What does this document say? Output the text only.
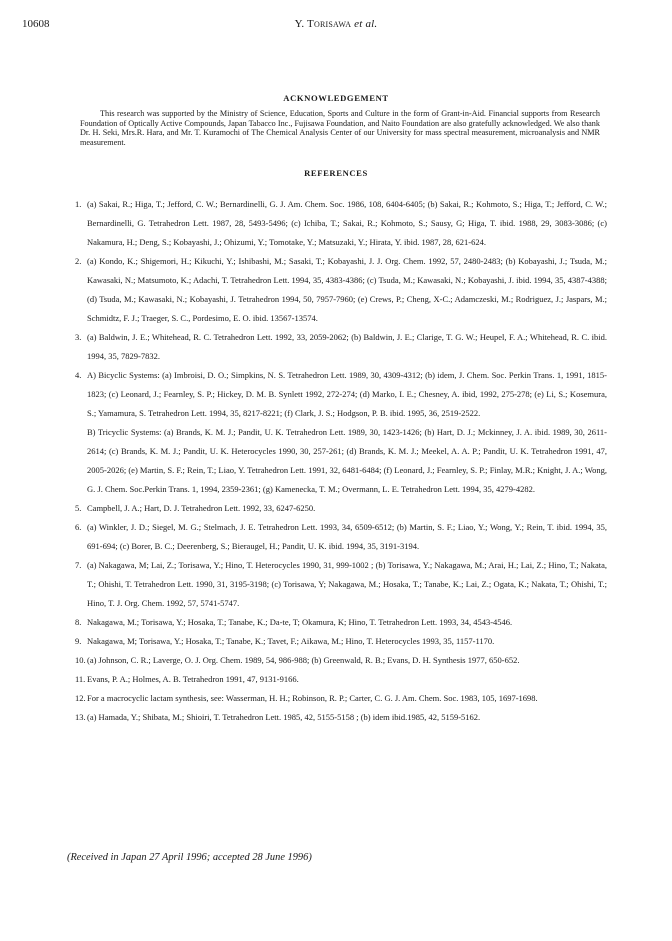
10608	Y. Torisawa et al.
ACKNOWLEDGEMENT
This research was supported by the Ministry of Science, Education, Sports and Culture in the form of Grant-in-Aid. Financial supports from Research Foundation of Optically Active Compounds, Japan Tabacco Inc., Fujisawa Foundation, and Naito Foundation are also gratefully acknowledged. We also thank Dr. H. Seki, Mrs.R. Hara, and Mr. T. Kuramochi of The Chemical Analysis Center of our University for mass spectral measurement, microanalysis and NMR measurement.
REFERENCES
1. (a) Sakai, R.; Higa, T.; Jefford, C. W.; Bernardinelli, G. J. Am. Chem. Soc. 1986, 108, 6404-6405; (b) Sakai, R.; Kohmoto, S.; Higa, T.; Jefford, C. W.; Bernardinelli, G. Tetrahedron Lett. 1987, 28, 5493-5496; (c) Ichiba, T.; Sakai, R.; Kohmoto, S.; Sausy, G; Higa, T. ibid. 1988, 29, 3083-3086; (c) Nakamura, H.; Deng, S.; Kobayashi, J.; Ohizumi, Y.; Tomotake, Y.; Matsuzaki, Y.; Hirata, Y. ibid. 1987, 28, 621-624.
2. (a) Kondo, K.; Shigemori, H.; Kikuchi, Y.; Ishibashi, M.; Sasaki, T.; Kobayashi, J. J. Org. Chem. 1992, 57, 2480-2483; (b) Kobayashi, J.; Tsuda, M.; Kawasaki, N.; Matsumoto, K.; Adachi, T. Tetrahedron Lett. 1994, 35, 4383-4386; (c) Tsuda, M.; Kawasaki, N.; Kobayashi, J. ibid. 1994, 35, 4387-4388; (d) Tsuda, M.; Kawasaki, N.; Kobayashi, J. Tetrahedron 1994, 50, 7957-7960; (e) Crews, P.; Cheng, X-C.; Adamczeski, M.; Rodriguez, J.; Jaspars, M.; Schmidtz, F. J.; Traeger, S. C., Pordesimo, E. O. ibid. 13567-13574.
3. (a) Baldwin, J. E.; Whitehead, R. C. Tetrahedron Lett. 1992, 33, 2059-2062; (b) Baldwin, J. E.; Clarige, T. G. W.; Heupel, F. A.; Whitehead, R. C. ibid. 1994, 35, 7829-7832.
4. A) Bicyclic Systems: (a) Imbroisi, D. O.; Simpkins, N. S. Tetrahedron Lett. 1989, 30, 4309-4312; (b) idem, J. Chem. Soc. Perkin Trans. 1, 1991, 1815-1823; (c) Leonard, J.; Fearnley, S. P.; Hickey, D. M. B. Synlett 1992, 272-274; (d) Marko, I. E.; Chesney, A. ibid, 1992, 275-278; (e) Li, S.; Kosemura, S.; Yamamura, S. Tetrahedron Lett. 1994, 35, 8217-8221; (f) Clark, J. S.; Hodgson, P. B. ibid. 1995, 36, 2519-2522.
B) Tricyclic Systems: (a) Brands, K. M. J.; Pandit, U. K. Tetrahedron Lett. 1989, 30, 1423-1426; (b) Hart, D. J.; Mckinney, J. A. ibid. 1989, 30, 2611-2614; (c) Brands, K. M. J.; Pandit, U. K. Heterocycles 1990, 30, 257-261; (d) Brands, K. M. J.; Meekel, A. A. P.; Pandit, U. K. Tetrahedron 1991, 47, 2005-2026; (e) Martin, S. F.; Rein, T.; Liao, Y. Tetrahedron Lett. 1991, 32, 6481-6484; (f) Leonard, J.; Fearnley, S. P.; Finlay, M.R.; Knight, J. A.; Wong, G. J. Chem. Soc.Perkin Trans. 1, 1994, 2359-2361; (g) Kamenecka, T. M.; Overmann, L. E. Tetrahedron Lett. 1994, 35, 4279-4282.
5. Campbell, J. A.; Hart, D. J. Tetrahedron Lett. 1992, 33, 6247-6250.
6. (a) Winkler, J. D.; Siegel, M. G.; Stelmach, J. E. Tetrahedron Lett. 1993, 34, 6509-6512; (b) Martin, S. F.; Liao, Y.; Wong, Y.; Rein, T. ibid. 1994, 35, 691-694; (c) Borer, B. C.; Deerenberg, S.; Bieraugel, H.; Pandit, U. K. ibid. 1994, 35, 3191-3194.
7. (a) Nakagawa, M; Lai, Z.; Torisawa, Y.; Hino, T. Heterocycles 1990, 31, 999-1002 ; (b) Torisawa, Y.; Nakagawa, M.; Arai, H.; Lai, Z.; Hino, T.; Nakata, T.; Ohishi, T. Tetrahedron Lett. 1990, 31, 3195-3198; (c) Torisawa, Y; Nakagawa, M.; Hosaka, T.; Tanabe, K.; Lai, Z.; Ogata, K.; Nakata, T.; Ohishi, T.; Hino, T. J. Org. Chem. 1992, 57, 5741-5747.
8. Nakagawa, M.; Torisawa, Y.; Hosaka, T.; Tanabe, K.; Da-te, T; Okamura, K; Hino, T. Tetrahedron Lett. 1993, 34, 4543-4546.
9. Nakagawa, M; Torisawa, Y.; Hosaka, T.; Tanabe, K.; Tavet, F.; Aikawa, M.; Hino, T. Heterocycles 1993, 35, 1157-1170.
10. (a) Johnson, C. R.; Laverge, O. J. Org. Chem. 1989, 54, 986-988; (b) Greenwald, R. B.; Evans, D. H. Synthesis 1977, 650-652.
11. Evans, P. A.; Holmes, A. B. Tetrahedron 1991, 47, 9131-9166.
12. For a macrocyclic lactam synthesis, see: Wasserman, H. H.; Robinson, R. P.; Carter, C. G. J. Am. Chem. Soc. 1983, 105, 1697-1698.
13. (a) Hamada, Y.; Shibata, M.; Shioiri, T. Tetrahedron Lett. 1985, 42, 5155-5158 ; (b) idem ibid.1985, 42, 5159-5162.
(Received in Japan 27 April 1996; accepted 28 June 1996)
